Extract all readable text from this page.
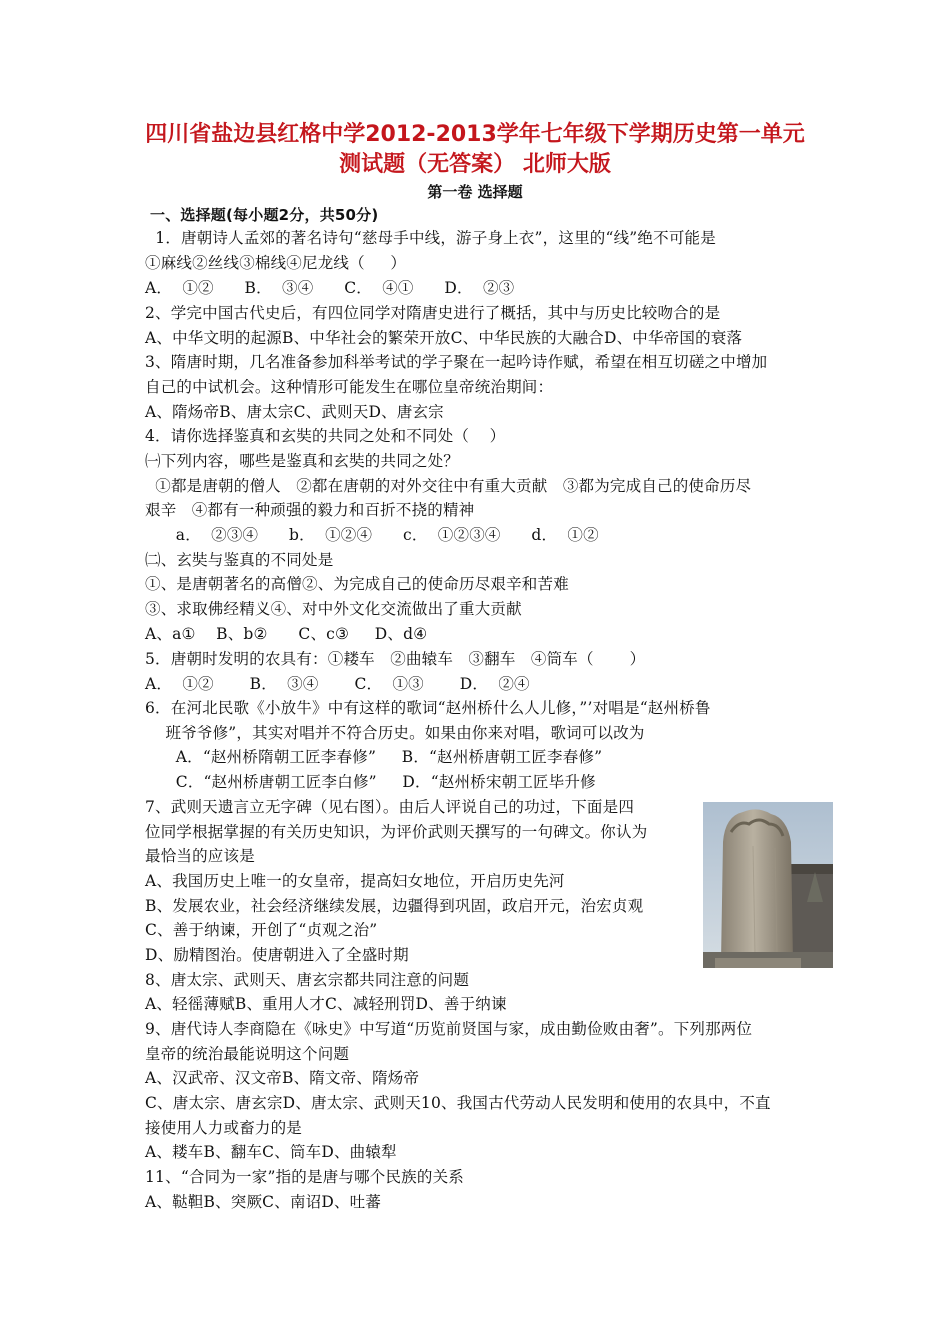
四川省盐边县红格中学2012-2013学年七年级下学期历史第一单元
测试题（无答案） 北师大版
第一卷 选择题
一、选择题(每小题2分，共50分)
1．唐朝诗人孟郊的著名诗句“慈母手中线，游子身上衣”，这里的“线”绝不可能是
①麻线②丝线③棉线④尼龙线（     ）
A．  ①②      B．  ③④      C．  ④①      D．  ②③
2、学完中国古代史后，有四位同学对隋唐史进行了概括，其中与历史比较吻合的是
A、中华文明的起源B、中华社会的繁荣开放C、中华民族的大融合D、中华帝国的衰落
3、隋唐时期，几名准备参加科举考试的学子聚在一起吟诗作赋，希望在相互切磋之中增加
自己的中试机会。这种情形可能发生在哪位皇帝统治期间：
A、隋炀帝B、唐太宗C、武则天D、唐玄宗
4．请你选择鉴真和玄奘的共同之处和不同处（    ）
㈠下列内容，哪些是鉴真和玄奘的共同之处？
①都是唐朝的僧人   ②都在唐朝的对外交往中有重大贡献   ③都为完成自己的使命历尽
艰辛   ④都有一种顽强的毅力和百折不挠的精神
a．  ②③④      b．  ①②④      c．  ①②③④      d．  ①②
㈡、玄奘与鉴真的不同处是
①、是唐朝著名的高僧②、为完成自己的使命历尽艰辛和苦难
③、求取佛经精义④、对中外文化交流做出了重大贡献
A、a①    B、b②      C、c③     D、d④
5．唐朝时发明的农具有：①耧车   ②曲辕车   ③翻车   ④筒车（       ）
A．  ①②       B．  ③④       C．  ①③       D．  ②④
6．在河北民歌《小放牛》中有这样的歌词“赵州桥什么人儿修，”’对唱是“赵州桥鲁
班爷爷修”，其实对唱并不符合历史。如果由你来对唱，歌词可以改为
A．“赵州桥隋朝工匠李春修”     B．“赵州桥唐朝工匠李春修”
C．“赵州桥唐朝工匠李白修”     D．“赵州桥宋朝工匠毕升修
7、武则天遗言立无字碑（见右图）。由后人评说自己的功过，下面是四
位同学根据掌握的有关历史知识，为评价武则天撰写的一句碑文。你认为
最恰当的应该是
A、我国历史上唯一的女皇帝，提高妇女地位，开启历史先河
B、发展农业，社会经济继续发展，边疆得到巩固，政启开元，治宏贞观
C、善于纳谏，开创了“贞观之治”
D、励精图治。使唐朝进入了全盛时期
8、唐太宗、武则天、唐玄宗都共同注意的问题
A、轻徭薄赋B、重用人才C、减轻刑罚D、善于纳谏
9、唐代诗人李商隐在《咏史》中写道“历览前贤国与家，成由勤俭败由奢”。下列那两位
皇帝的统治最能说明这个问题
A、汉武帝、汉文帝B、隋文帝、隋炀帝
C、唐太宗、唐玄宗D、唐太宗、武则天10、我国古代劳动人民发明和使用的农具中，不直
接使用人力或畜力的是
A、耧车B、翻车C、筒车D、曲辕犁
11、“合同为一家”指的是唐与哪个民族的关系
A、鞑靼B、突厥C、南诏D、吐蕃
